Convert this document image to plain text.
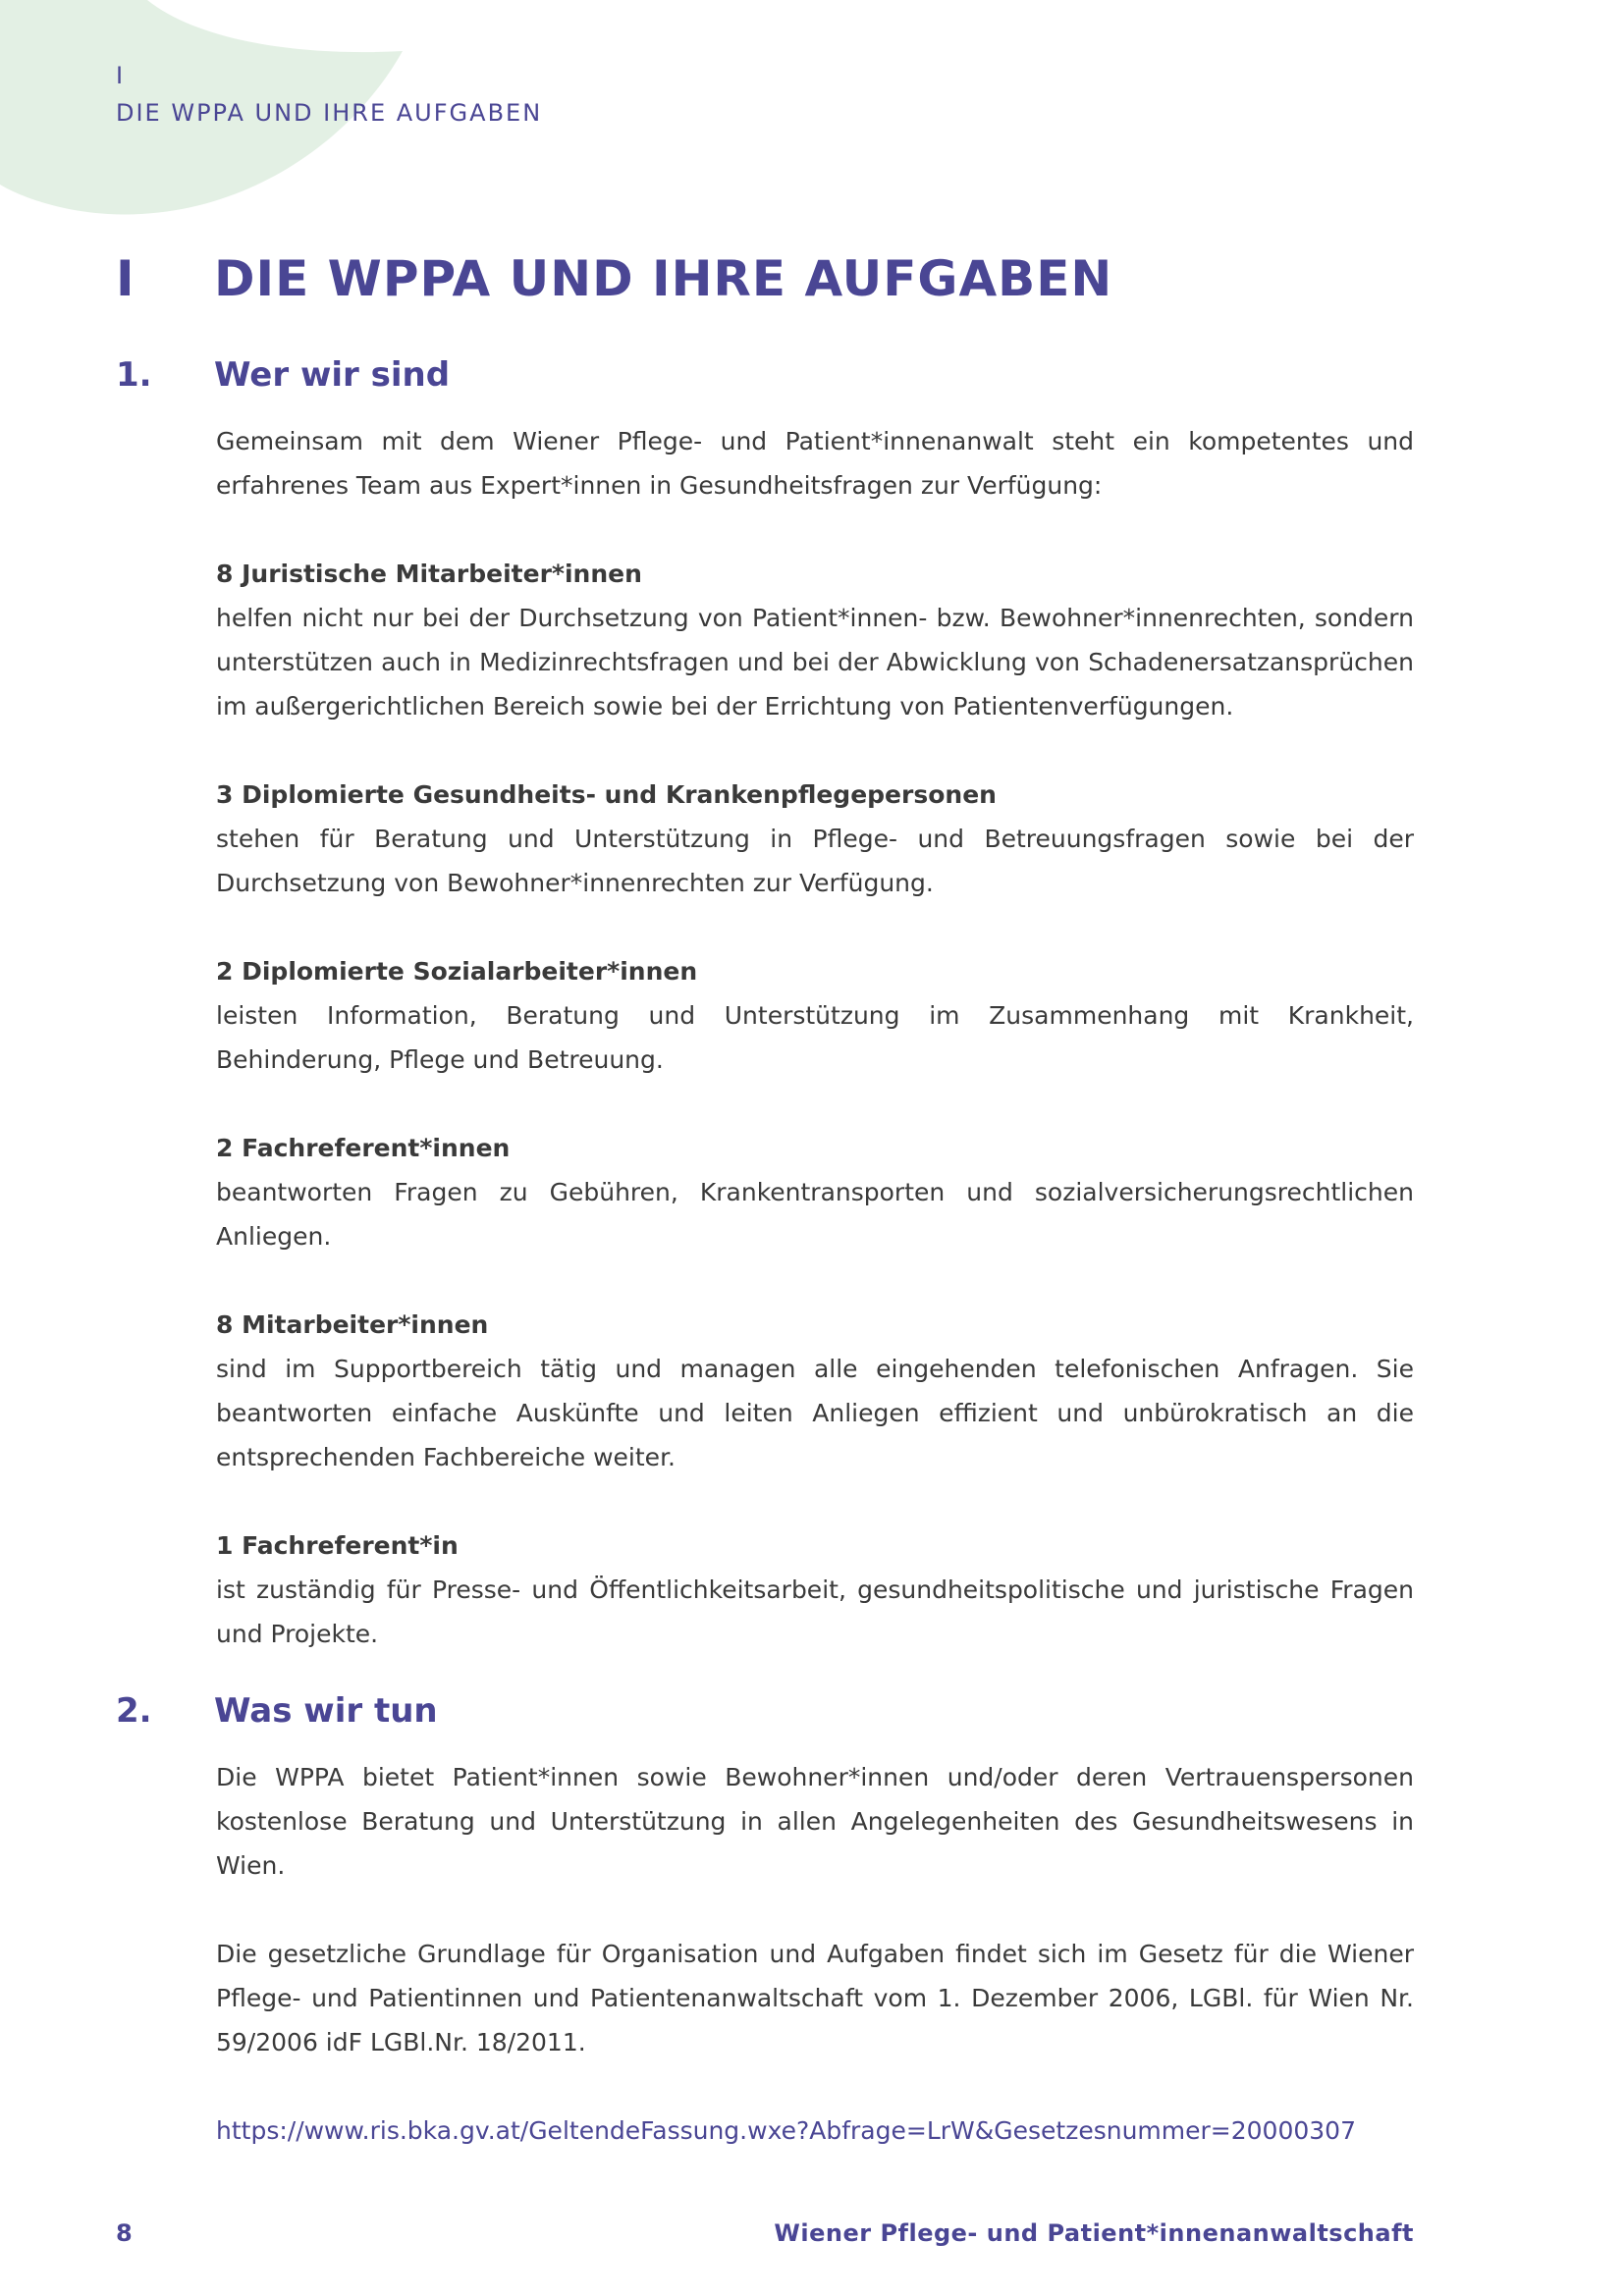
I
DIE WPPA UND IHRE AUFGABEN
I DIE WPPA UND IHRE AUFGABEN
1. Wer wir sind

Gemeinsam mit dem Wiener Pflege- und Patient*innenanwalt steht ein kompetentes und erfahrenes Team aus Expert*innen in Gesundheitsfragen zur Verfügung:

8 Juristische Mitarbeiter*innen
helfen nicht nur bei der Durchsetzung von Patient*innen- bzw. Bewohner*innenrechten, sondern unterstützen auch in Medizinrechtsfragen und bei der Abwicklung von Schadenersatzansprüchen im außergerichtlichen Bereich sowie bei der Errichtung von Patientenverfügungen.

3 Diplomierte Gesundheits- und Krankenpflegepersonen
stehen für Beratung und Unterstützung in Pflege- und Betreuungsfragen sowie bei der Durchsetzung von Bewohner*innenrechten zur Verfügung.

2 Diplomierte Sozialarbeiter*innen
leisten Information, Beratung und Unterstützung im Zusammenhang mit Krankheit, Behinderung, Pflege und Betreuung.

2 Fachreferent*innen
beantworten Fragen zu Gebühren, Krankentransporten und sozialversicherungsrechtlichen Anliegen.

8 Mitarbeiter*innen
sind im Supportbereich tätig und managen alle eingehenden telefonischen Anfragen. Sie beantworten einfache Auskünfte und leiten Anliegen effizient und unbürokratisch an die entsprechenden Fachbereiche weiter.

1 Fachreferent*in
ist zuständig für Presse- und Öffentlichkeitsarbeit, gesundheitspolitische und juristische Fragen und Projekte.

2. Was wir tun

Die WPPA bietet Patient*innen sowie Bewohner*innen und/oder deren Vertrauenspersonen kostenlose Beratung und Unterstützung in allen Angelegenheiten des Gesundheitswesens in Wien.

Die gesetzliche Grundlage für Organisation und Aufgaben findet sich im Gesetz für die Wiener Pflege- und Patientinnen und Patientenanwaltschaft vom 1. Dezember 2006, LGBl. für Wien Nr. 59/2006 idF LGBl.Nr. 18/2011.

https://www.ris.bka.gv.at/GeltendeFassung.wxe?Abfrage=LrW&Gesetzesnummer=20000307

8	Wiener Pflege- und Patient*innenanwaltschaft
